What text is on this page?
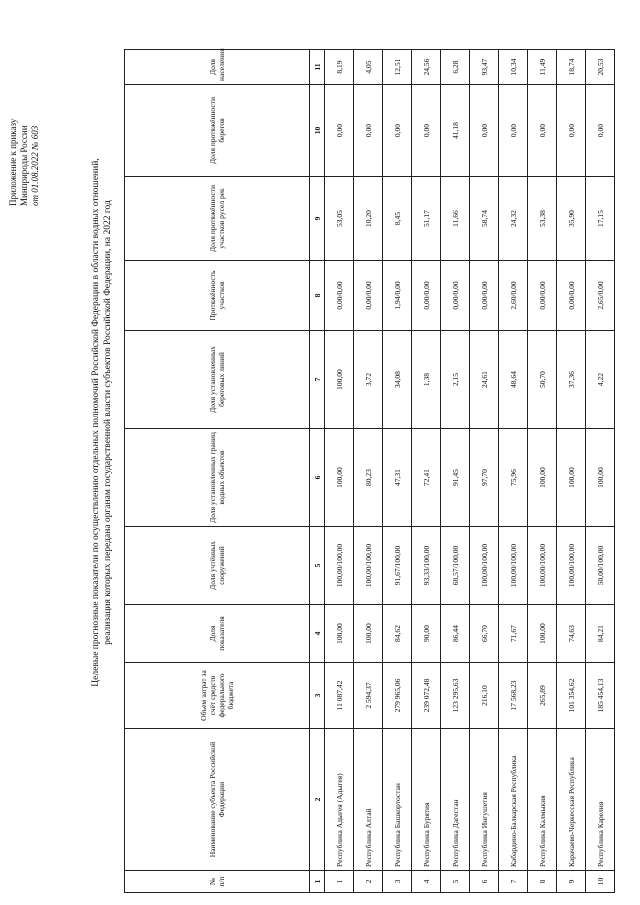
Приложение к приказу Минприроды России от 01.08.2022 № 603
Целевые прогнозные показатели по осуществлению отдельных полномочий Российской Федерации в области водных отношений, реализация которых передана органам государственной власти субъектов Российской Федерации, на 2022 год
№ п/п	Наименование субъекта Российской Федерации	Объем затрат за счёт средств федерального бюджета	Доля показателя	Доля учтённых сооружений	Доля установленных границ водных объектов	Доля установленных береговых линий	Протяжённость участков	Доля протяжённости участков русел рек	Доля протяжённости берегов	Доля населения
1	2	3	4	5	6	7	8	9	10	11
1	Республика Адыгея (Адыгея)	11 087,42	100,00	100,00/100,00	100,00	100,00	0,00/0,00	53,05	0,00	8,19
2	Республика Алтай	2 594,37	100,00	100,00/100,00	80,23	3,72	0,00/0,00	10,20	0,00	4,05
3	Республика Башкортостан	279 965,06	84,62	91,67/100,00	47,31	34,08	1,94/0,00	8,45	0,00	12,51
4	Республика Бурятия	239 072,48	90,00	93,33/100,00	72,41	1,38	0,00/0,00	51,17	0,00	24,56
5	Республика Дагестан	123 295,63	86,44	68,57/100,00	91,45	2,15	0,00/0,00	11,66	41,18	6,28
6	Республика Ингушетия	216,10	66,70	100,00/100,00	97,70	24,61	0,00/0,00	58,74	0,00	93,47
7	Кабардино-Балкарская Республика	17 568,23	71,67	100,00/100,00	75,96	48,64	2,60/0,00	24,32	0,00	10,34
8	Республика Калмыкия	265,89	100,00	100,00/100,00	100,00	50,70	0,00/0,00	53,38	0,00	11,49
9	Карачаево-Черкесская Республика	101 354,62	74,63	100,00/100,00	100,00	37,36	0,00/0,00	35,90	0,00	18,74
10	Республика Карелия	185 454,13	84,21	50,00/100,00	100,00	4,22	2,65/0,00	17,15	0,00	20,53
